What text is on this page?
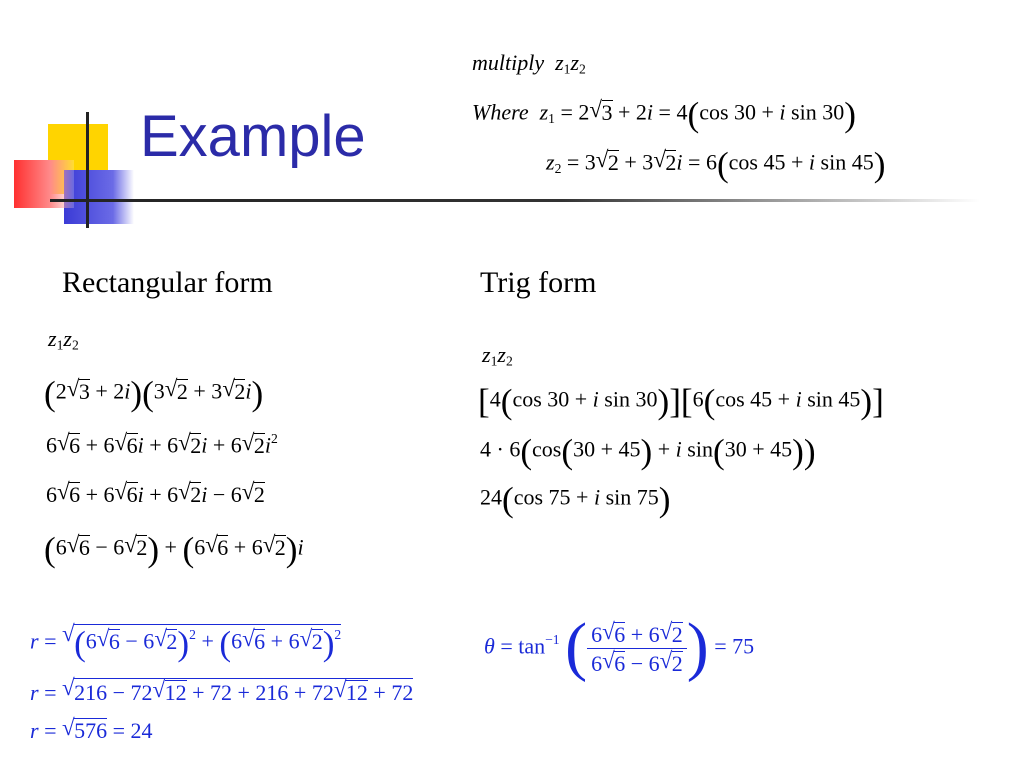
Example
multiply $z_1z_2$
Where $z_1 = 2√$ 3 + 2i = 4(cos 30 + i sin 30)
$z_2 = 3√$ 2 + 3√ 2i = 6(cos 45 + i sin 45)
Rectangular form	Trig form
$z_1z_2$
(2√ 3 + 2i)(3√ 2 + 3√ 2i)
6√ 6 + 6√ 6i + 6√ 2i + 6√ $2i^2$
6√ 6 + 6√ 6i + 6√ 2i − 6√ 2
(6√ 6 − 6√ 2) + (6√ 6 + 6√ 2)i
r = √ (6√ 6 − 6√ 2)$^2$ + (6√ 6 + 6√ 2)$^2$
r = √ 216 − 72√ 12 + 72 + 216 + 72√ 12 + 72
r = √ 576 = 24
$z_1z_2$
[4(cos 30 + i sin 30)][6(cos 45 + i sin 45)]
4 · 6(cos(30 + 45) + i sin(30 + 45))
24(cos 75 + i sin 75)
$\theta = \tan^{-1}$ ( $\frac{6√ 6 + 6√ 2}{6√ 6 - 6√ 2}$ ) = 75
